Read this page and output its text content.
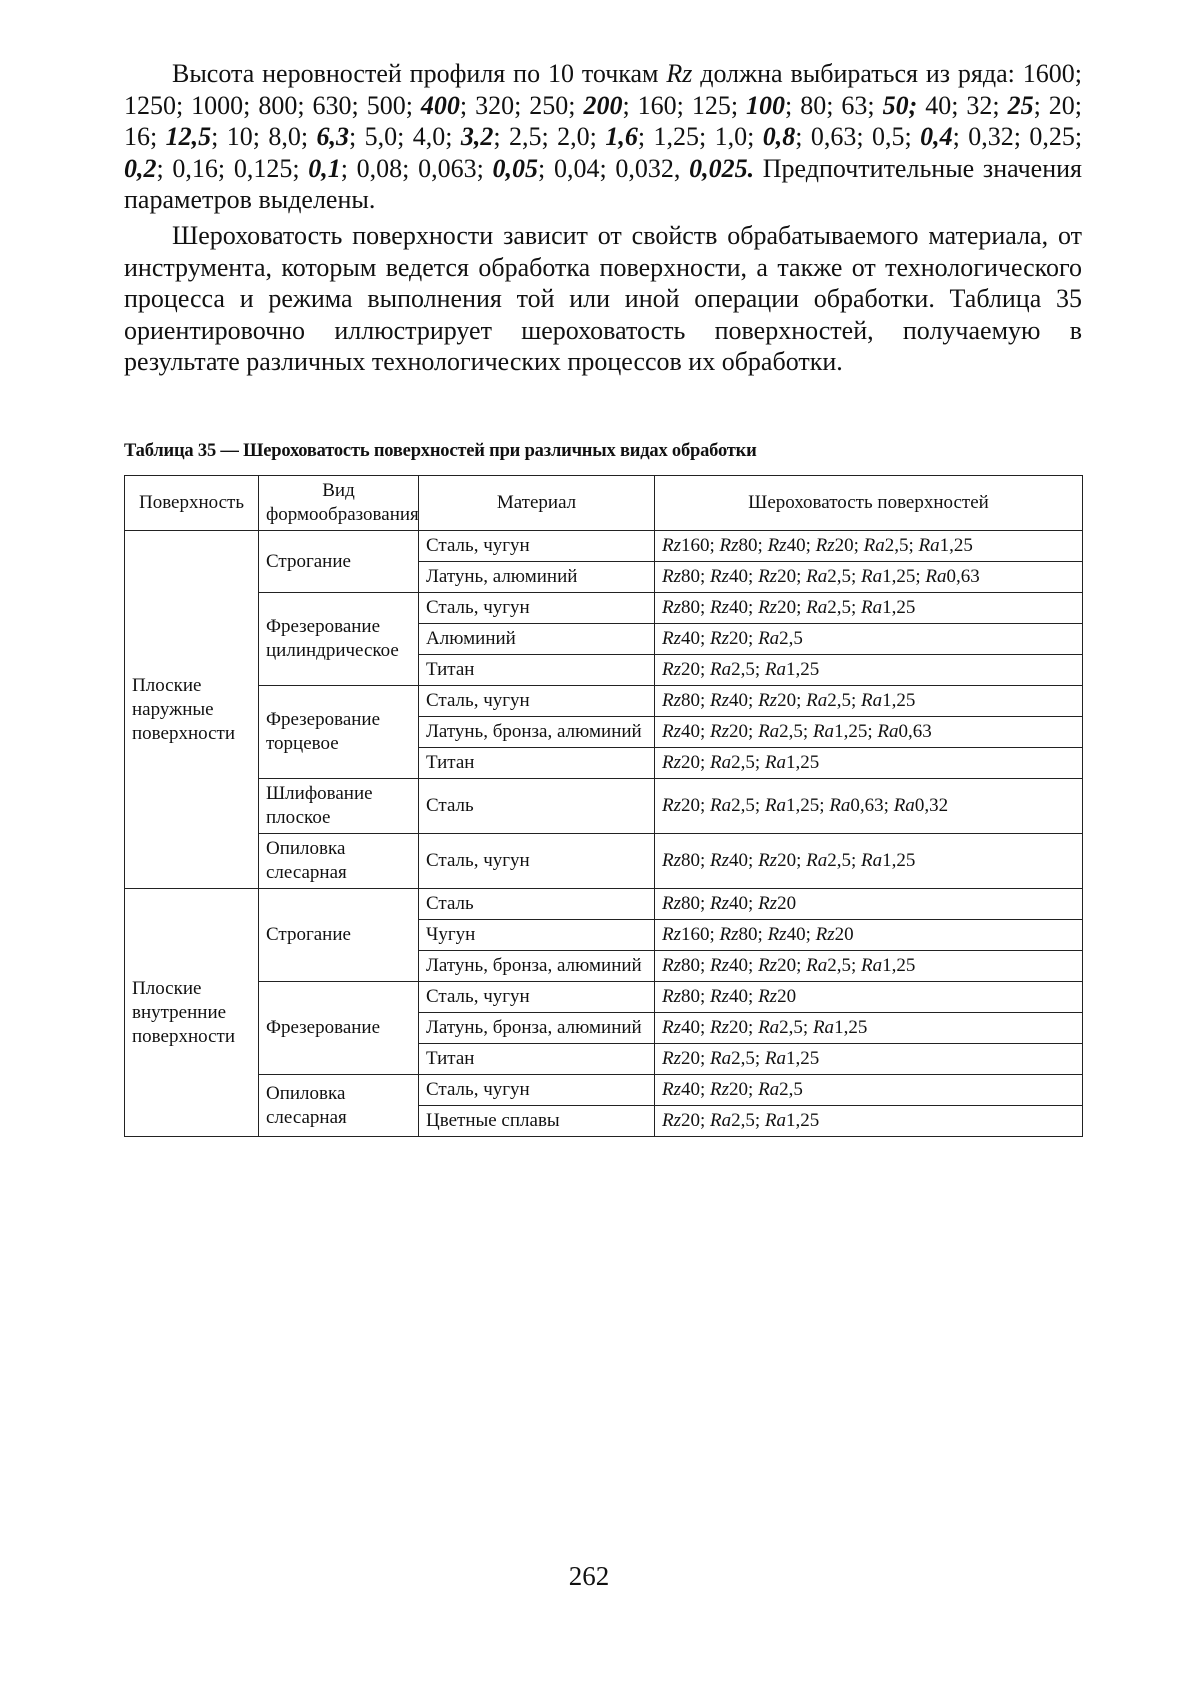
Высота неровностей профиля по 10 точкам Rz должна выбираться из ряда: 1600; 1250; 1000; 800; 630; 500; 400; 320; 250; 200; 160; 125; 100; 80; 63; 50; 40; 32; 25; 20; 16; 12,5; 10; 8,0; 6,3; 5,0; 4,0; 3,2; 2,5; 2,0; 1,6; 1,25; 1,0; 0,8; 0,63; 0,5; 0,4; 0,32; 0,25; 0,2; 0,16; 0,125; 0,1; 0,08; 0,063; 0,05; 0,04; 0,032, 0,025. Предпочтительные значения параметров выделены.

Шероховатость поверхности зависит от свойств обрабатываемого материала, от инструмента, которым ведется обработка поверхности, а также от технологического процесса и режима выполнения той или иной операции обработки. Таблица 35 ориентировочно иллюстрирует шероховатость поверхностей, получаемую в результате различных технологических процессов их обработки.

Таблица 35 — Шероховатость поверхностей при различных видах обработки
Поверхность	Вид формообразования	Материал	Шероховатость поверхностей
Плоские наружные поверхности	Строгание	Сталь, чугун	Rz160; Rz80; Rz40; Rz20; Ra2,5; Ra1,25
		Латунь, алюминий	Rz80; Rz40; Rz20; Ra2,5; Ra1,25; Ra0,63
	Фрезерование цилиндрическое	Сталь, чугун	Rz80; Rz40; Rz20; Ra2,5; Ra1,25
		Алюминий	Rz40; Rz20; Ra2,5
		Титан	Rz20; Ra2,5; Ra1,25
	Фрезерование торцевое	Сталь, чугун	Rz80; Rz40; Rz20; Ra2,5; Ra1,25
		Латунь, бронза, алюминий	Rz40; Rz20; Ra2,5; Ra1,25; Ra0,63
		Титан	Rz20; Ra2,5; Ra1,25
	Шлифование плоское	Сталь	Rz20; Ra2,5; Ra1,25; Ra0,63; Ra0,32
	Опиловка слесарная	Сталь, чугун	Rz80; Rz40; Rz20; Ra2,5; Ra1,25
Плоские внутренние поверхности	Строгание	Сталь	Rz80; Rz40; Rz20
		Чугун	Rz160; Rz80; Rz40; Rz20
		Латунь, бронза, алюминий	Rz80; Rz40; Rz20; Ra2,5; Ra1,25
	Фрезерование	Сталь, чугун	Rz80; Rz40; Rz20
		Латунь, бронза, алюминий	Rz40; Rz20; Ra2,5; Ra1,25
		Титан	Rz20; Ra2,5; Ra1,25
	Опиловка слесарная	Сталь, чугун	Rz40; Rz20; Ra2,5
		Цветные сплавы	Rz20; Ra2,5; Ra1,25
262
